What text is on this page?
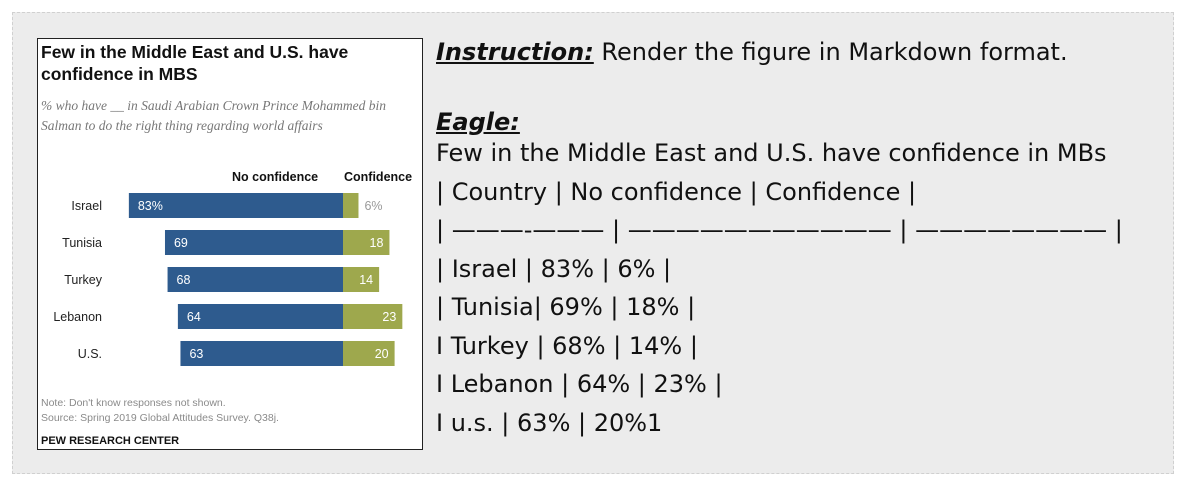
Few in the Middle East and U.S. have confidence in MBS
% who have __ in Saudi Arabian Crown Prince Mohammed bin Salman to do the right thing regarding world affairs
No confidence Confidence
Israel	83%	6%
Tunisia	69	18
Turkey	68	14
Lebanon	64	23
U.S.	63	20
Note: Don't know responses not shown.
Source: Spring 2019 Global Attitudes Survey. Q38j.
PEW RESEARCH CENTER
Instruction: Render the figure in Markdown format.
Eagle:
Few in the Middle East and U.S. have confidence in MBs
| Country | No confidence | Confidence |
| ———-——— | ——————————— | ———————— |
| Israel | 83% | 6% |
| Tunisia| 69% | 18% |
I Turkey | 68% | 14% |
I Lebanon | 64% | 23% |
I u.s. | 63% | 20%1
